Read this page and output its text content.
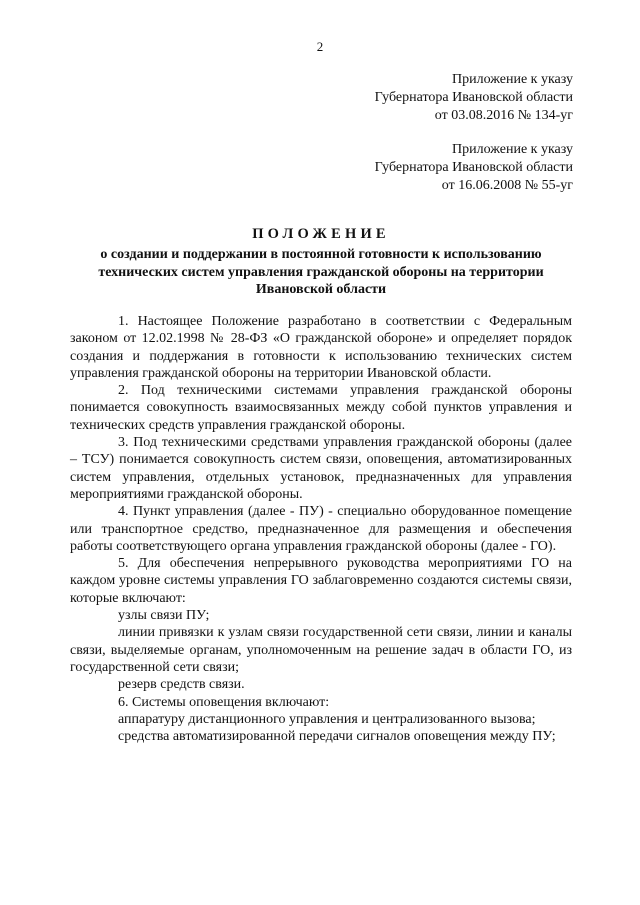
2
Приложение к указу
Губернатора Ивановской области
от 03.08.2016 № 134-уг
Приложение к указу
Губернатора Ивановской области
от 16.06.2008 № 55-уг
ПОЛОЖЕНИЕ
о создании и поддержании в постоянной готовности к использованию технических систем управления гражданской обороны на территории Ивановской области

1. Настоящее Положение разработано в соответствии с Федеральным законом от 12.02.1998 № 28-ФЗ «О гражданской обороне» и определяет порядок создания и поддержания в готовности к использованию технических систем управления гражданской обороны на территории Ивановской области.

2. Под техническими системами управления гражданской обороны понимается совокупность взаимосвязанных между собой пунктов управления и технических средств управления гражданской обороны.

3. Под техническими средствами управления гражданской обороны (далее – ТСУ) понимается совокупность систем связи, оповещения, автоматизированных систем управления, отдельных установок, предназначенных для управления мероприятиями гражданской обороны.

4. Пункт управления (далее - ПУ) - специально оборудованное помещение или транспортное средство, предназначенное для размещения и обеспечения работы соответствующего органа управления гражданской обороны (далее - ГО).

5. Для обеспечения непрерывного руководства мероприятиями ГО на каждом уровне системы управления ГО заблаговременно создаются системы связи, которые включают:

узлы связи ПУ;

линии привязки к узлам связи государственной сети связи, линии и каналы связи, выделяемые органам, уполномоченным на решение задач в области ГО, из государственной сети связи;

резерв средств связи.

6. Системы оповещения включают:

аппаратуру дистанционного управления и централизованного вызова;

средства автоматизированной передачи сигналов оповещения между ПУ;
